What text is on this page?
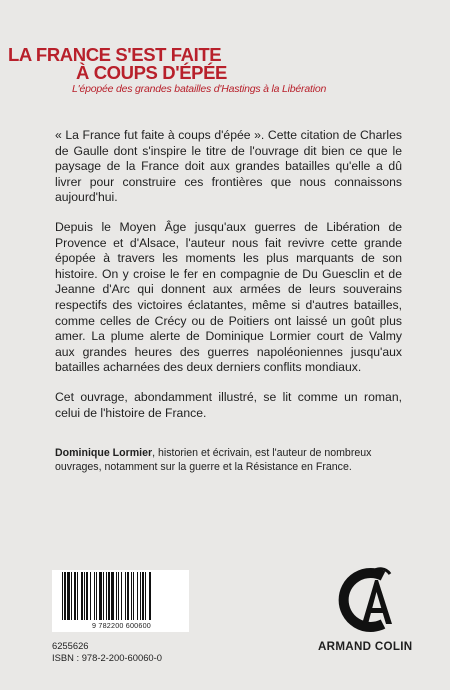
LA FRANCE S'EST FAITE
À COUPS D'ÉPÉE
L'épopée des grandes batailles d'Hastings à la Libération

« La France fut faite à coups d'épée ». Cette citation de Charles de Gaulle dont s'inspire le titre de l'ouvrage dit bien ce que le paysage de la France doit aux grandes batailles qu'elle a dû livrer pour construire ces frontières que nous connaissons aujourd'hui.

Depuis le Moyen Âge jusqu'aux guerres de Libération de Provence et d'Alsace, l'auteur nous fait revivre cette grande épopée à travers les moments les plus marquants de son histoire. On y croise le fer en compagnie de Du Guesclin et de Jeanne d'Arc qui donnent aux armées de leurs souverains respectifs des victoires éclatantes, même si d'autres batailles, comme celles de Crécy ou de Poitiers ont laissé un goût plus amer. La plume alerte de Dominique Lormier court de Valmy aux grandes heures des guerres napoléoniennes jusqu'aux batailles acharnées des deux derniers conflits mondiaux.

Cet ouvrage, abondamment illustré, se lit comme un roman, celui de l'histoire de France.

Dominique Lormier, historien et écrivain, est l'auteur de nombreux ouvrages, notamment sur la guerre et la Résistance en France.
9 782200 600600
6255626
ISBN : 978-2-200-60060-0
ARMAND COLIN
